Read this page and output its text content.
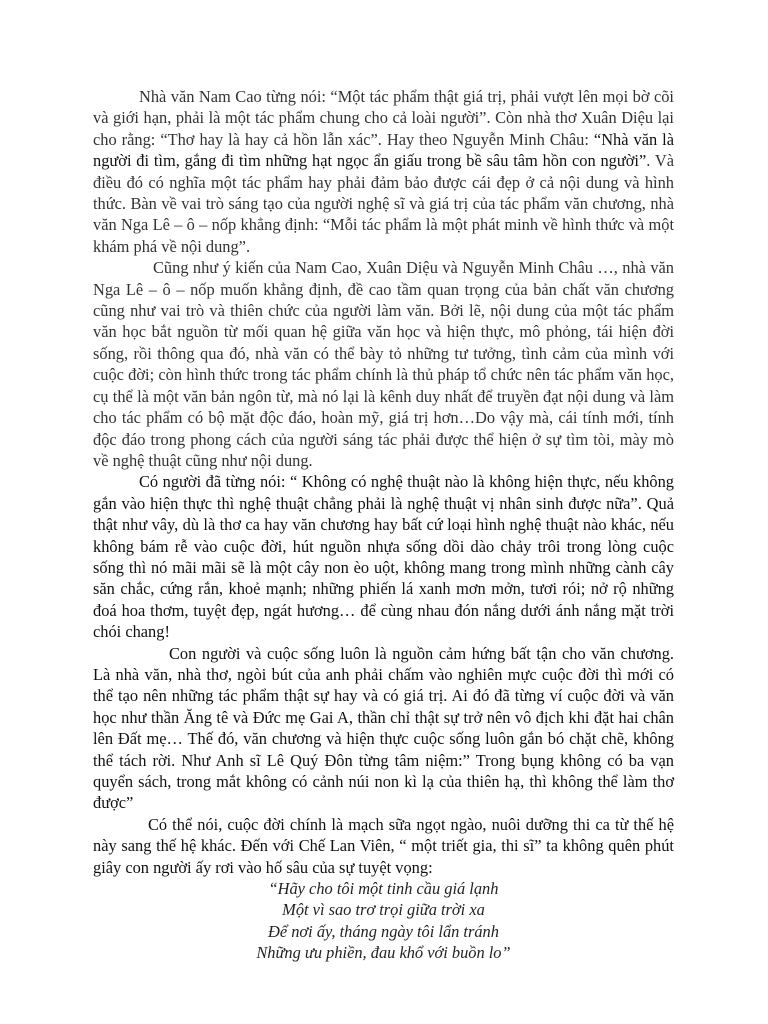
Nhà văn Nam Cao từng nói: “Một tác phẩm thật giá trị, phải vượt lên mọi bờ cõi và giới hạn, phải là một tác phẩm chung cho cả loài người”. Còn nhà thơ Xuân Diệu lại cho rằng: “Thơ hay là hay cả hồn lẫn xác”. Hay theo Nguyễn Minh Châu: “Nhà văn là người đi tìm, gắng đi tìm những hạt ngọc ẩn giấu trong bề sâu tâm hồn con người”. Và điều đó có nghĩa một tác phẩm hay phải đảm bảo được cái đẹp ở cả nội dung và hình thức. Bàn về vai trò sáng tạo của người nghệ sĩ và giá trị của tác phẩm văn chương, nhà văn Nga Lê – ô – nốp khẳng định: “Mỗi tác phẩm là một phát minh về hình thức và một khám phá về nội dung”.

Cũng như ý kiến của Nam Cao, Xuân Diệu và Nguyễn Minh Châu …, nhà văn Nga Lê – ô – nốp muốn khẳng định, đề cao tầm quan trọng của bản chất văn chương cũng như vai trò và thiên chức của người làm văn. Bởi lẽ, nội dung của một tác phẩm văn học bắt nguồn từ mối quan hệ giữa văn học và hiện thực, mô phỏng, tái hiện đời sống, rồi thông qua đó, nhà văn có thể bày tỏ những tư tưởng, tình cảm của mình với cuộc đời; còn hình thức trong tác phẩm chính là thủ pháp tổ chức nên tác phẩm văn học, cụ thể là một văn bản ngôn từ, mà nó lại là kênh duy nhất để truyền đạt nội dung và làm cho tác phẩm có bộ mặt độc đáo, hoàn mỹ, giá trị hơn…Do vậy mà, cái tính mới, tính độc đáo trong phong cách của người sáng tác phải được thể hiện ở sự tìm tòi, mày mò về nghệ thuật cũng như nội dung.

Có người đã từng nói: “ Không có nghệ thuật nào là không hiện thực, nếu không gắn vào hiện thực thì nghệ thuật chẳng phải là nghệ thuật vị nhân sinh được nữa”. Quả thật như vây, dù là thơ ca hay văn chương hay bất cứ loại hình nghệ thuật nào khác, nếu không bám rễ vào cuộc đời, hút nguồn nhựa sống dồi dào chảy trôi trong lòng cuộc sống thì nó mãi mãi sẽ là một cây non èo uột, không mang trong mình những cành cây săn chắc, cứng rắn, khoẻ mạnh; những phiến lá xanh mơn mởn, tươi rói; nở rộ những đoá hoa thơm, tuyệt đẹp, ngát hương… để cùng nhau đón nắng dưới ánh nắng mặt trời chói chang!

Con người và cuộc sống luôn là nguồn cảm hứng bất tận cho văn chương. Là nhà văn, nhà thơ, ngòi bút của anh phải chấm vào nghiên mực cuộc đời thì mới có thể tạo nên những tác phẩm thật sự hay và có giá trị. Ai đó đã từng ví cuộc đời và văn học như thần Ăng tê và Đức mẹ Gai A, thần chỉ thật sự trở nên vô địch khi đặt hai chân lên Đất mẹ… Thế đó, văn chương và hiện thực cuộc sống luôn gắn bó chặt chẽ, không thể tách rời. Như Anh sĩ Lê Quý Đôn từng tâm niệm:” Trong bụng không có ba vạn quyển sách, trong mắt không có cảnh núi non kì lạ của thiên hạ, thì không thể làm thơ được”

Có thể nói, cuộc đời chính là mạch sữa ngọt ngào, nuôi dưỡng thi ca từ thế hệ này sang thế hệ khác. Đến với Chế Lan Viên, “ một triết gia, thi sĩ” ta không quên phút giây con người ấy rơi vào hố sâu của sự tuyệt vọng:

“Hãy cho tôi một tinh cầu giá lạnh
Một vì sao trơ trọi giữa trời xa
Để nơi ấy, tháng ngày tôi lẩn tránh
Những ưu phiền, đau khổ với buồn lo”
